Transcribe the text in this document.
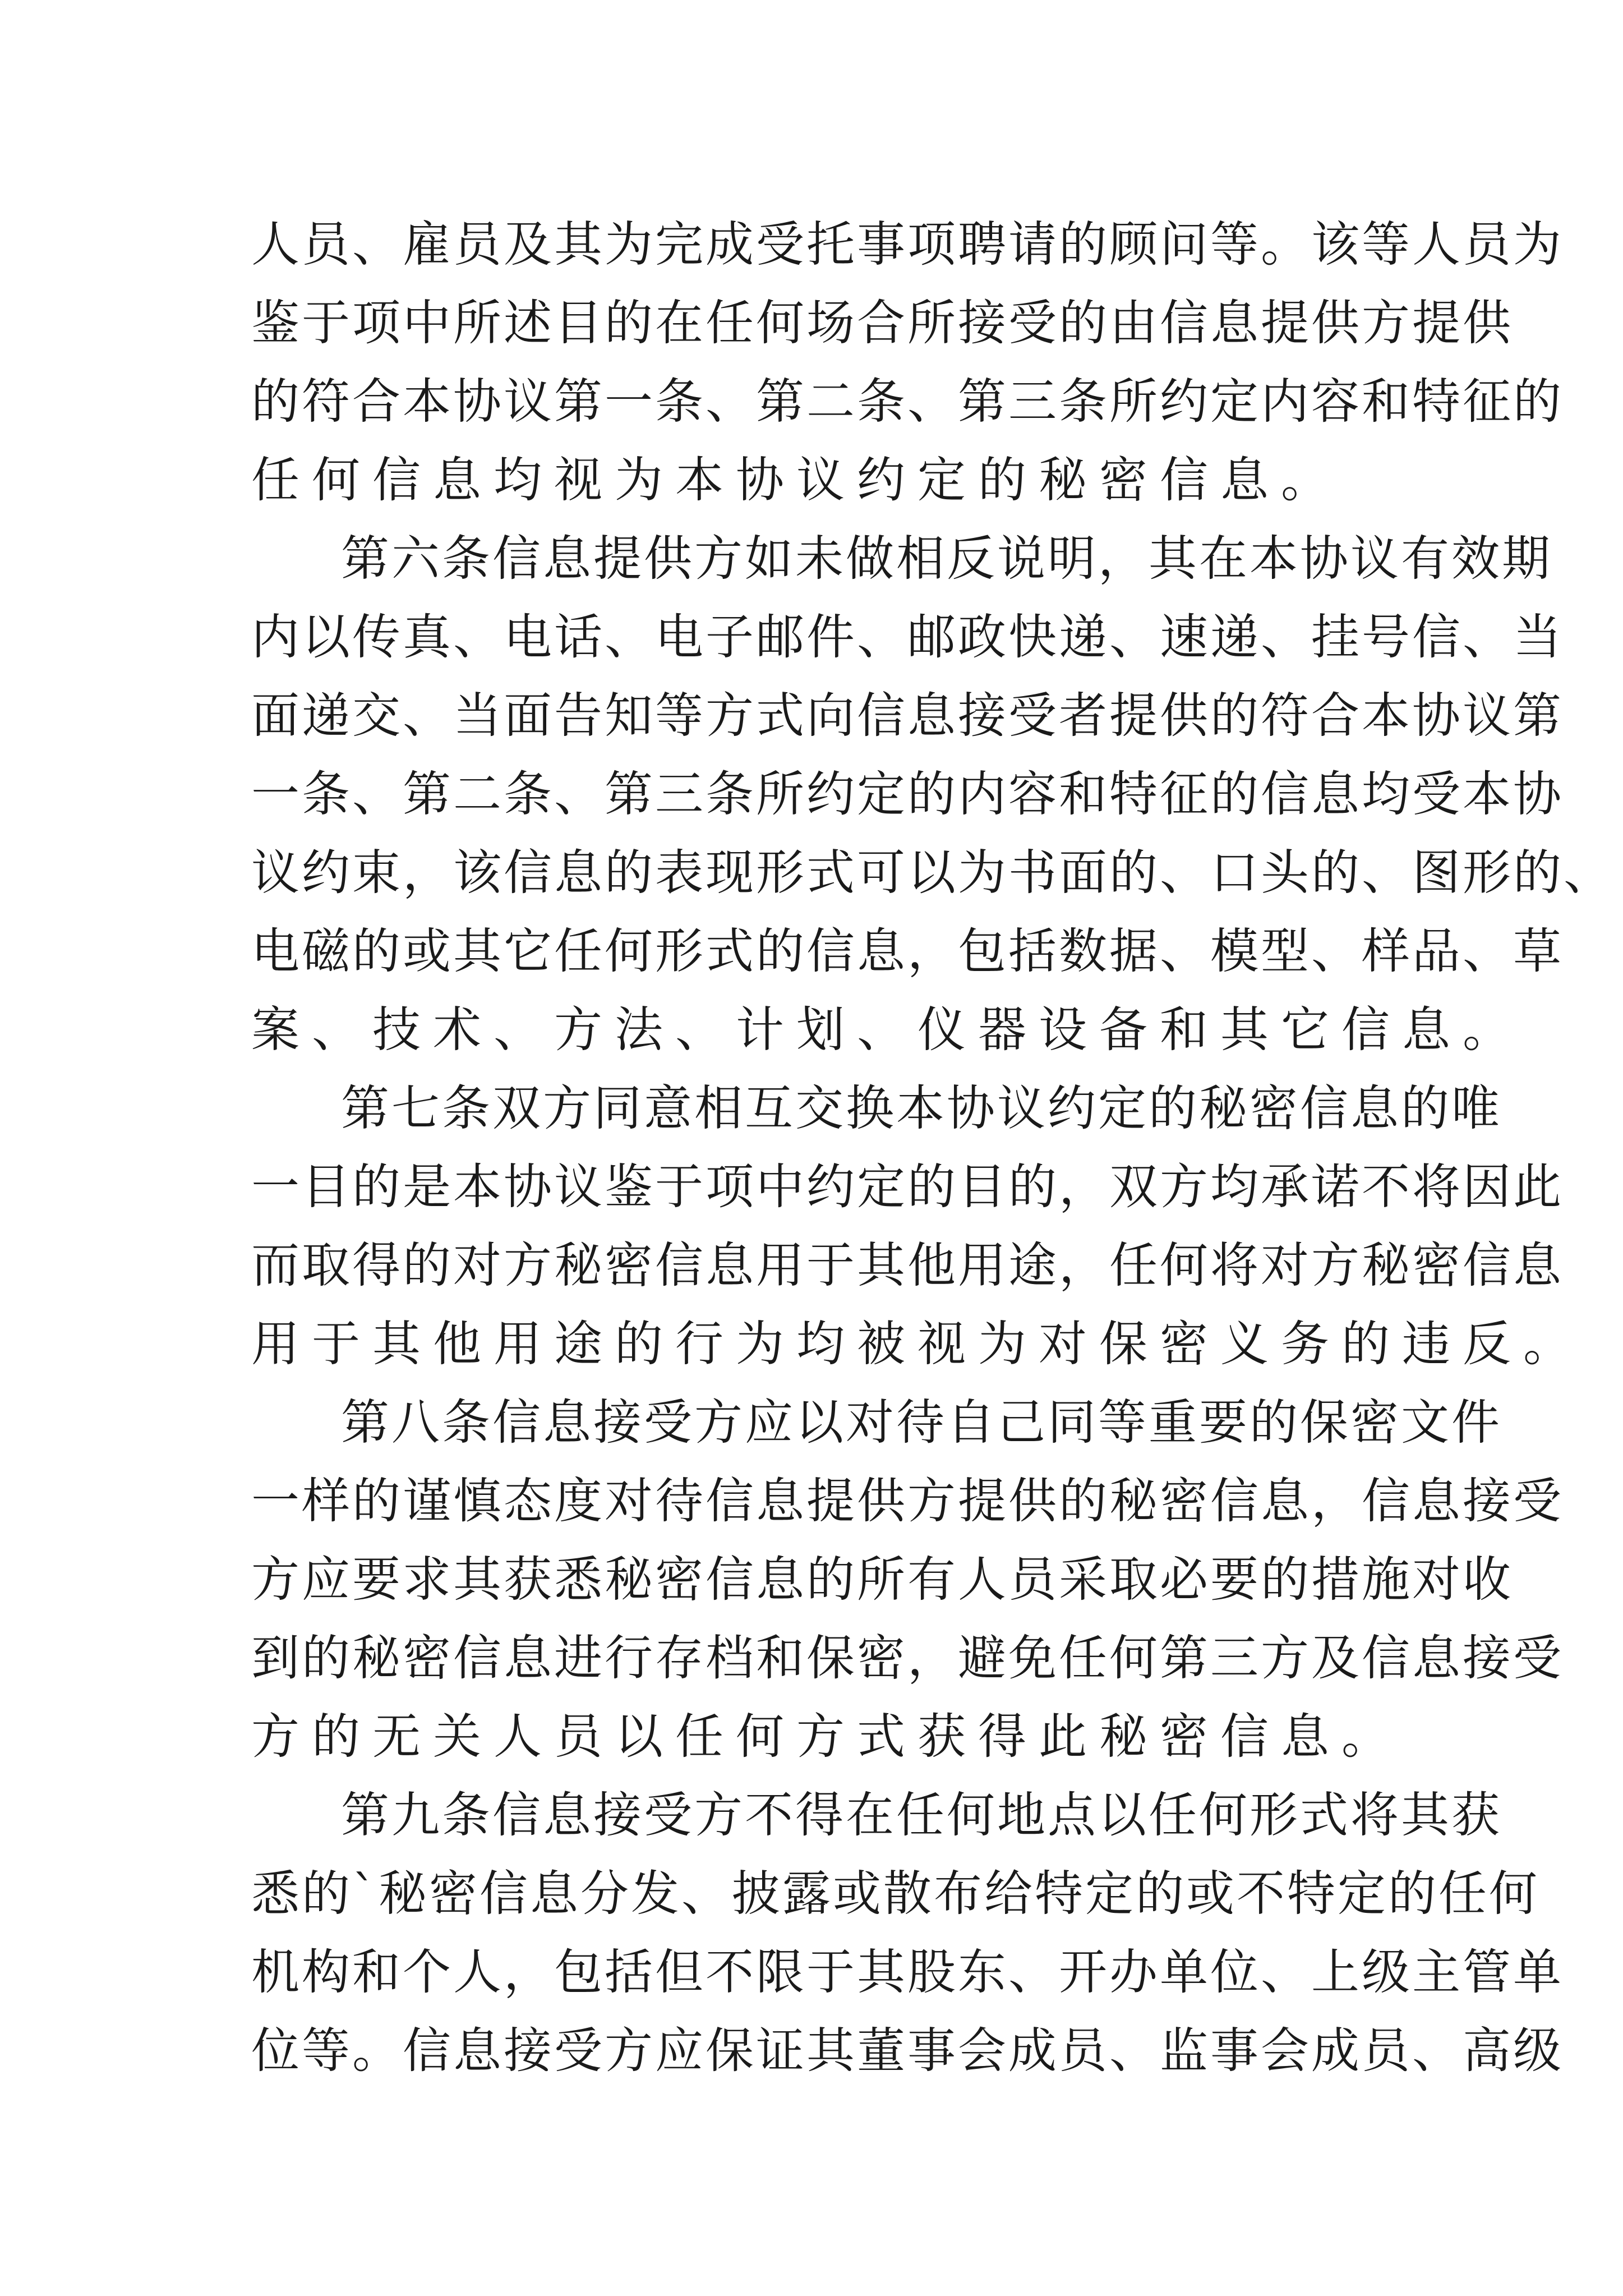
人员、雇员及其为完成受托事项聘请的顾问等。该等人员为
鉴于项中所述目的在任何场合所接受的由信息提供方提供
的符合本协议第一条、第二条、第三条所约定内容和特征的
任何信息均视为本协议约定的秘密信息。
第六条信息提供方如未做相反说明，其在本协议有效期
内以传真、电话、电子邮件、邮政快递、速递、挂号信、当
面递交、当面告知等方式向信息接受者提供的符合本协议第
一条、第二条、第三条所约定的内容和特征的信息均受本协
议约束，该信息的表现形式可以为书面的、口头的、图形的、
电磁的或其它任何形式的信息，包括数据、模型、样品、草
案、技术、方法、计划、仪器设备和其它信息。
第七条双方同意相互交换本协议约定的秘密信息的唯
一目的是本协议鉴于项中约定的目的，双方均承诺不将因此
而取得的对方秘密信息用于其他用途，任何将对方秘密信息
用于其他用途的行为均被视为对保密义务的违反。
第八条信息接受方应以对待自己同等重要的保密文件
一样的谨慎态度对待信息提供方提供的秘密信息，信息接受
方应要求其获悉秘密信息的所有人员采取必要的措施对收
到的秘密信息进行存档和保密，避免任何第三方及信息接受
方的无关人员以任何方式获得此秘密信息。
第九条信息接受方不得在任何地点以任何形式将其获
悉的`秘密信息分发、披露或散布给特定的或不特定的任何
机构和个人，包括但不限于其股东、开办单位、上级主管单
位等。信息接受方应保证其董事会成员、监事会成员、高级
